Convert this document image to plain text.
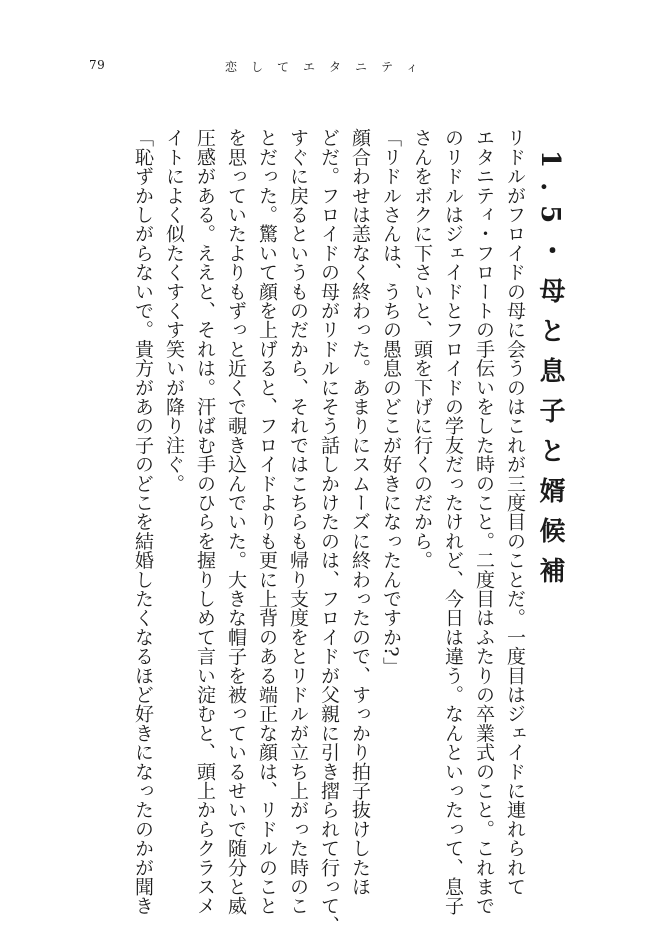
79	恋してエタニティ
1.5・母と息子と婿候補

リドルがフロイドの母に会うのはこれが三度目のことだ。一度目はジェイドに連れられて

エタニティ・フロートの手伝いをした時のこと。二度目はふたりの卒業式のこと。これまで

のリドルはジェイドとフロイドの学友だったけれど、今日は違う。なんといったって、息子

さんをボクに下さいと、頭を下げに行くのだから。

「リドルさんは、うちの愚息のどこが好きになったんですか?」

顔合わせは恙なく終わった。あまりにスムーズに終わったので、すっかり拍子抜けしたほ

どだ。フロイドの母がリドルにそう話しかけたのは、フロイドが父親に引き摺られて行って、

すぐに戻るというものだから、それではこちらも帰り支度をとリドルが立ち上がった時のこ

とだった。驚いて顔を上げると、フロイドよりも更に上背のある端正な顔は、リドルのこと

を思っていたよりもずっと近くで覗き込んでいた。大きな帽子を被っているせいで随分と威

圧感がある。ええと、それは。汗ばむ手のひらを握りしめて言い淀むと、頭上からクラスメ

イトによく似たくすくす笑いが降り注ぐ。

「恥ずかしがらないで。貴方があの子のどこを結婚したくなるほど好きになったのかが聞き
